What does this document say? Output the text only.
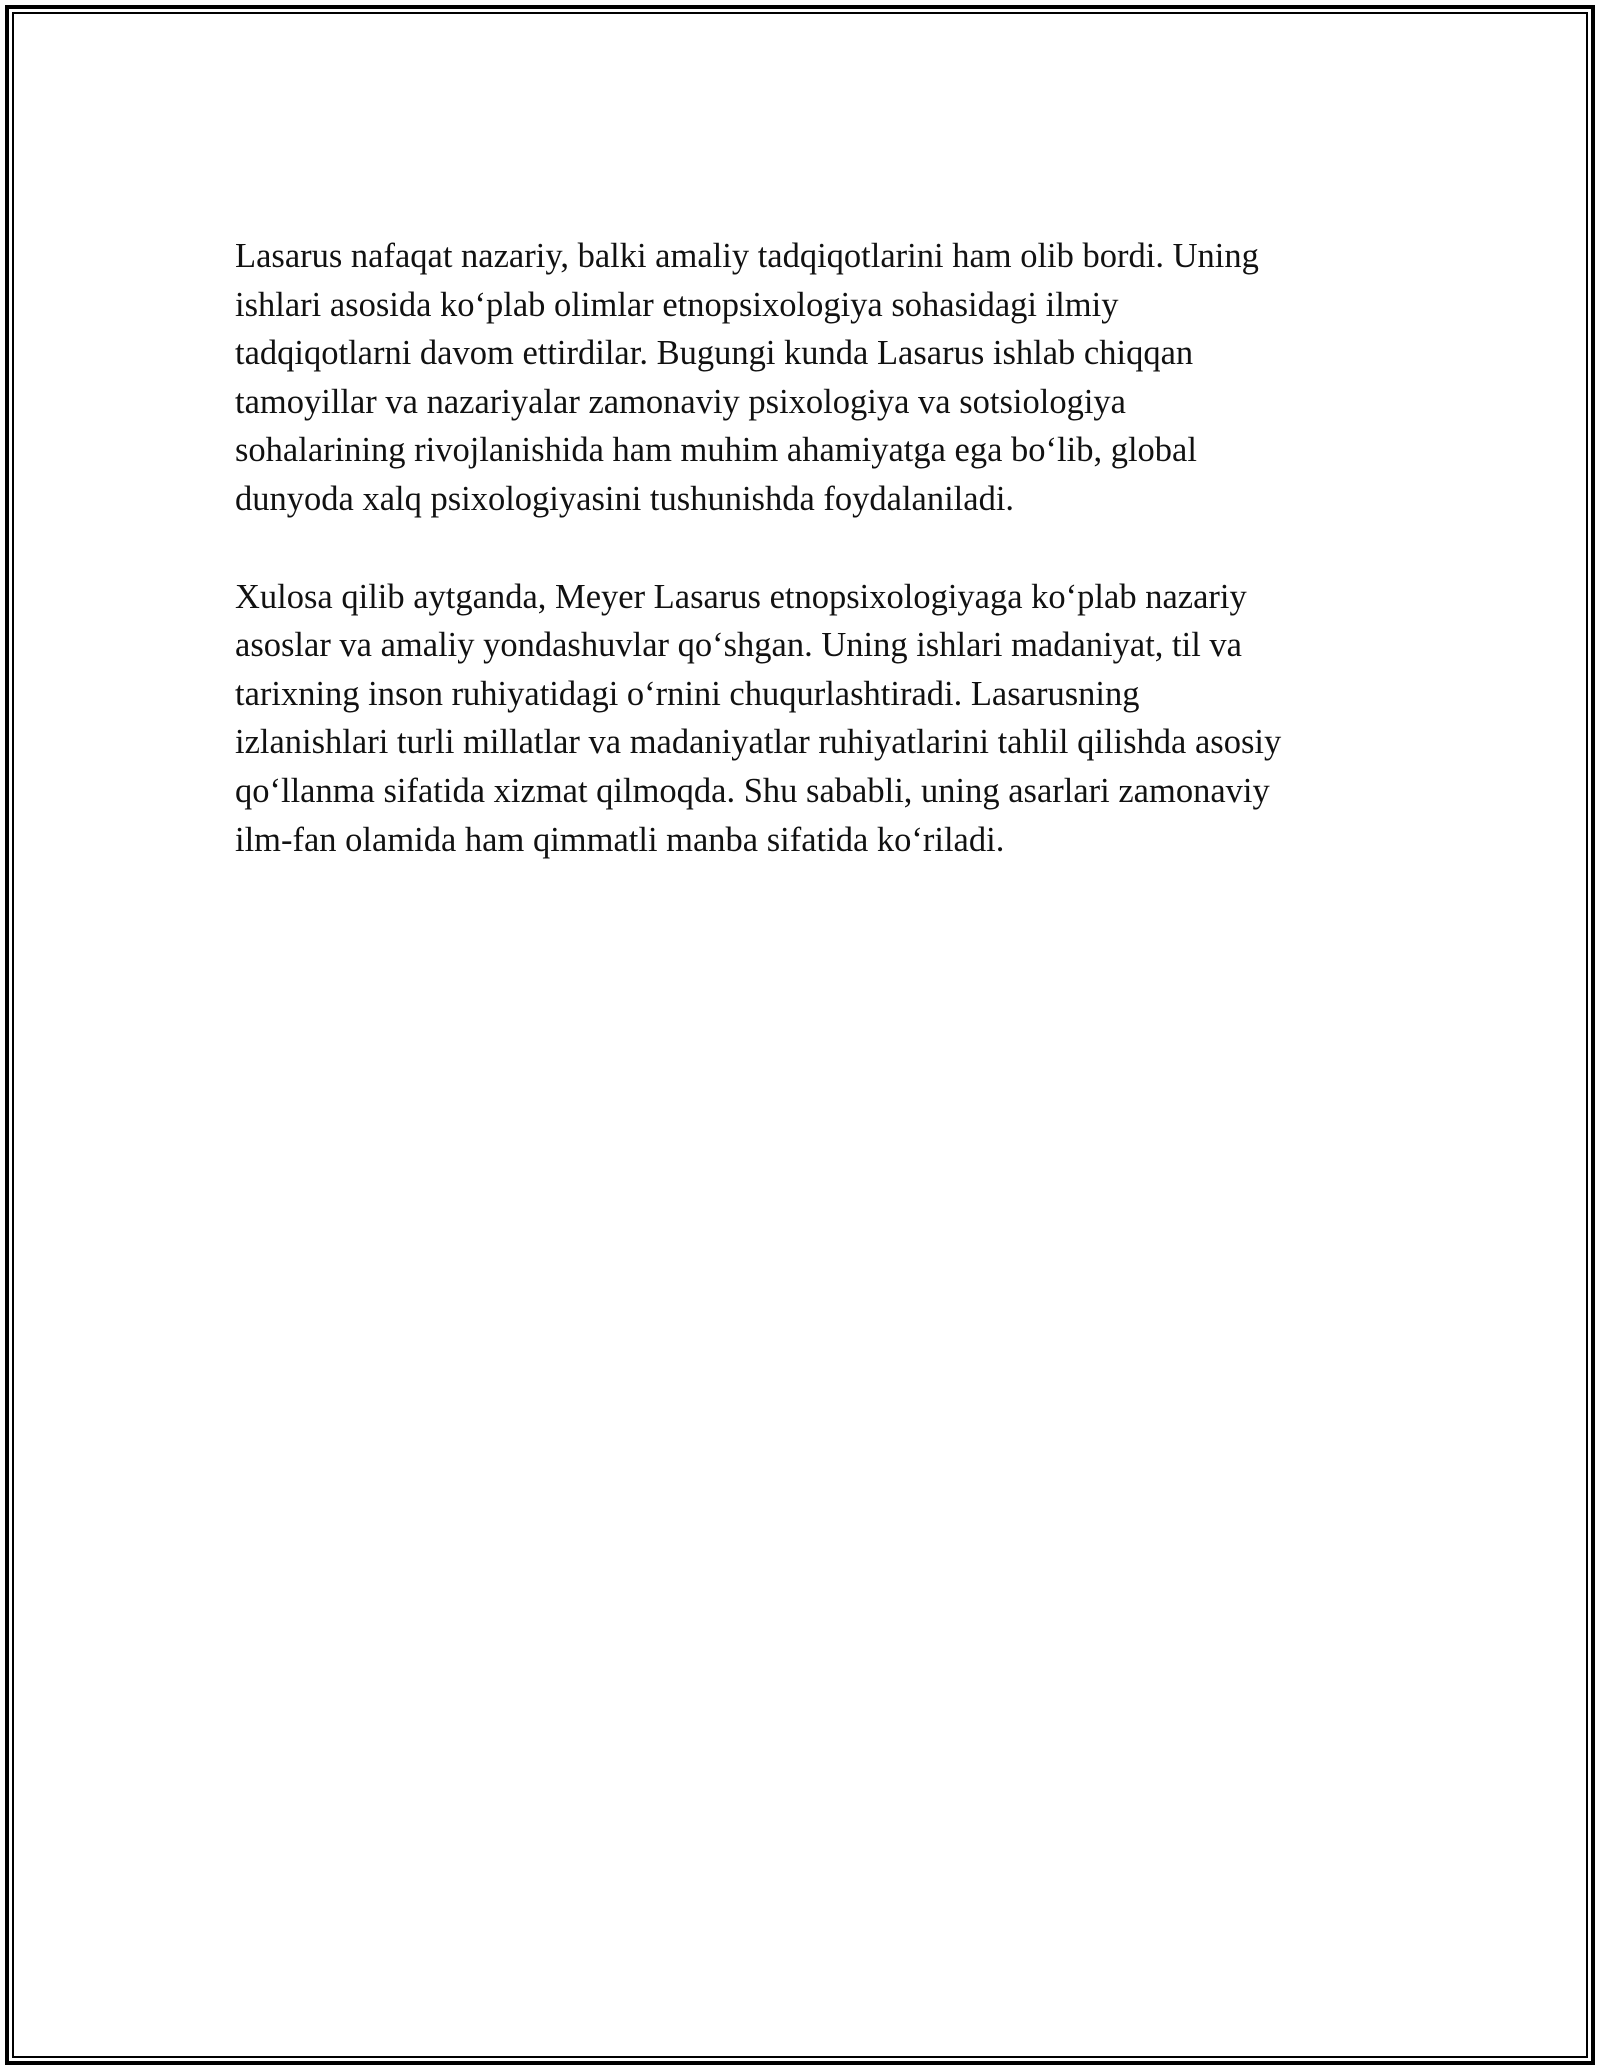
Lasarus nafaqat nazariy, balki amaliy tadqiqotlarini ham olib bordi. Uning
ishlari asosida ko‘plab olimlar etnopsixologiya sohasidagi ilmiy
tadqiqotlarni davom ettirdilar. Bugungi kunda Lasarus ishlab chiqqan
tamoyillar va nazariyalar zamonaviy psixologiya va sotsiologiya
sohalarining rivojlanishida ham muhim ahamiyatga ega bo‘lib, global
dunyoda xalq psixologiyasini tushunishda foydalaniladi.

Xulosa qilib aytganda, Meyer Lasarus etnopsixologiyaga ko‘plab nazariy
asoslar va amaliy yondashuvlar qo‘shgan. Uning ishlari madaniyat, til va
tarixning inson ruhiyatidagi o‘rnini chuqurlashtiradi. Lasarusning
izlanishlari turli millatlar va madaniyatlar ruhiyatlarini tahlil qilishda asosiy
qo‘llanma sifatida xizmat qilmoqda. Shu sababli, uning asarlari zamonaviy
ilm-fan olamida ham qimmatli manba sifatida ko‘riladi.
